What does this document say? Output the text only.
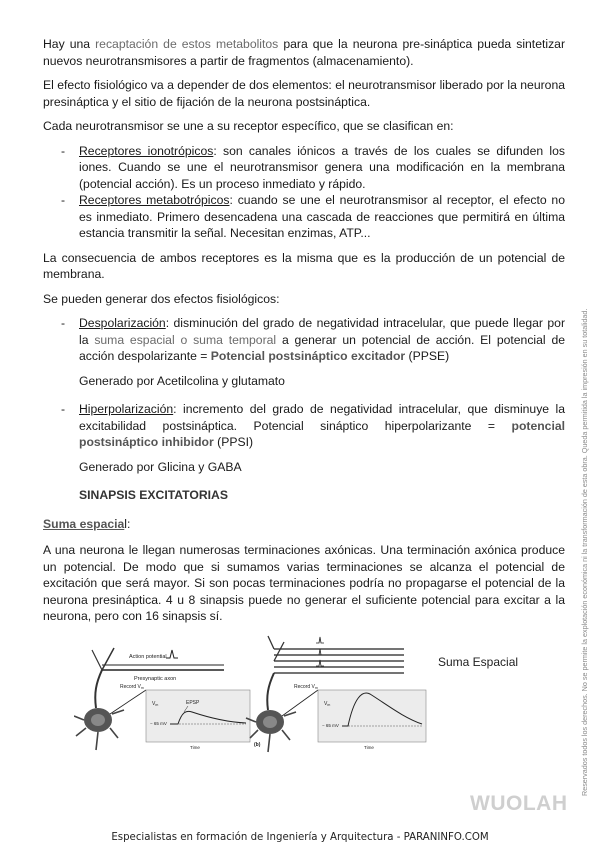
Hay una recaptación de estos metabolitos para que la neurona pre-sináptica pueda sintetizar nuevos neurotransmisores a partir de fragmentos (almacenamiento).

El efecto fisiológico va a depender de dos elementos: el neurotransmisor liberado por la neurona presináptica y el sitio de fijación de la neurona postsináptica.

Cada neurotransmisor se une a su receptor específico, que se clasifican en:

- Receptores ionotrópicos: son canales iónicos a través de los cuales se difunden los iones. Cuando se une el neurotransmisor genera una modificación en la membrana (potencial acción). Es un proceso inmediato y rápido.
- Receptores metabotrópicos: cuando se une el neurotransmisor al receptor, el efecto no es inmediato. Primero desencadena una cascada de reacciones que permitirá en última estancia transmitir la señal. Necesitan enzimas, ATP...

La consecuencia de ambos receptores es la misma que es la producción de un potencial de membrana.

Se pueden generar dos efectos fisiológicos:

- Despolarización: disminución del grado de negatividad intracelular, que puede llegar por la suma espacial o suma temporal a generar un potencial de acción. El potencial de acción despolarizante = Potencial postsináptico excitador (PPSE)
Generado por Acetilcolina y glutamato
- Hiperpolarización: incremento del grado de negatividad intracelular, que disminuye la excitabilidad postsináptica. Potencial sináptico hiperpolarizante = potencial postsináptico inhibidor (PPSI)
Generado por Glicina y GABA
SINAPSIS EXCITATORIAS

Suma espacial:

A una neurona le llegan numerosas terminaciones axónicas. Una terminación axónica produce un potencial. De modo que si sumamos varias terminaciones se alcanza el potencial de excitación que será mayor. Si son pocas terminaciones podría no propagarse el potencial de la neurona presináptica. 4 u 8 sinapsis puede no generar el suficiente potencial para excitar a la neurona, pero con 16 sinapsis sí.

Action potential
Presynaptic axon
Record $V_m$
$V_m$
− 65 mV
EPSP
Time
Record $V_m$
$V_m$
− 65 mV
Time
(b)
Suma Espacial	Reservados todos los derechos. No se permite la explotación económica ni la transformación de esta obra. Queda permitida la impresión en su totalidad.
WUOLAH
Especialistas en formación de Ingeniería y Arquitectura - PARANINFO.COM
